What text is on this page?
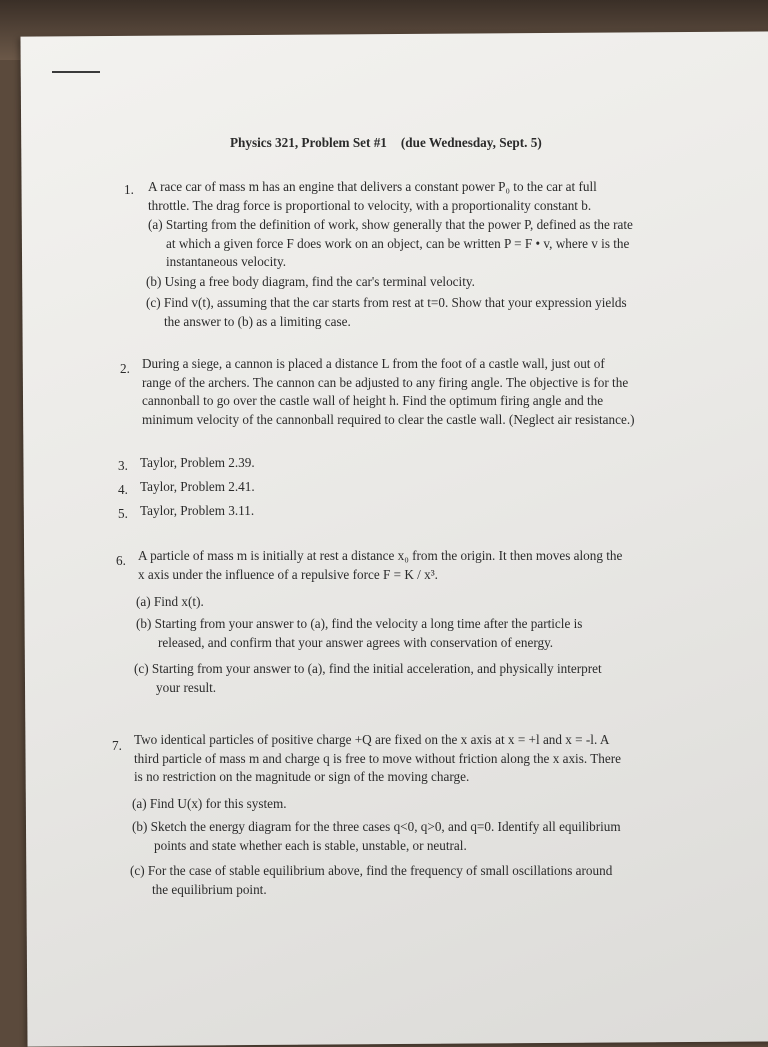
Physics 321, Problem Set #1 (due Wednesday, Sept. 5)
1. A race car of mass m has an engine that delivers a constant power P₀ to the car at full
throttle. The drag force is proportional to velocity, with a proportionality constant b.
(a) Starting from the definition of work, show generally that the power P, defined as the rate
at which a given force F does work on an object, can be written P = F • v, where v is the
instantaneous velocity.
(b) Using a free body diagram, find the car's terminal velocity.
(c) Find v(t), assuming that the car starts from rest at t=0. Show that your expression yields
the answer to (b) as a limiting case.
2. During a siege, a cannon is placed a distance L from the foot of a castle wall, just out of
range of the archers. The cannon can be adjusted to any firing angle. The objective is for the
cannonball to go over the castle wall of height h. Find the optimum firing angle and the
minimum velocity of the cannonball required to clear the castle wall. (Neglect air resistance.)
3. Taylor, Problem 2.39.
4. Taylor, Problem 2.41.
5. Taylor, Problem 3.11.
6. A particle of mass m is initially at rest a distance x₀ from the origin. It then moves along the
x axis under the influence of a repulsive force F = K / x³.
(a) Find x(t).
(b) Starting from your answer to (a), find the velocity a long time after the particle is
released, and confirm that your answer agrees with conservation of energy.
(c) Starting from your answer to (a), find the initial acceleration, and physically interpret
your result.
7. Two identical particles of positive charge +Q are fixed on the x axis at x = +l and x = -l. A
third particle of mass m and charge q is free to move without friction along the x axis. There
is no restriction on the magnitude or sign of the moving charge.
(a) Find U(x) for this system.
(b) Sketch the energy diagram for the three cases q<0, q>0, and q=0. Identify all equilibrium
points and state whether each is stable, unstable, or neutral.
(c) For the case of stable equilibrium above, find the frequency of small oscillations around
the equilibrium point.
